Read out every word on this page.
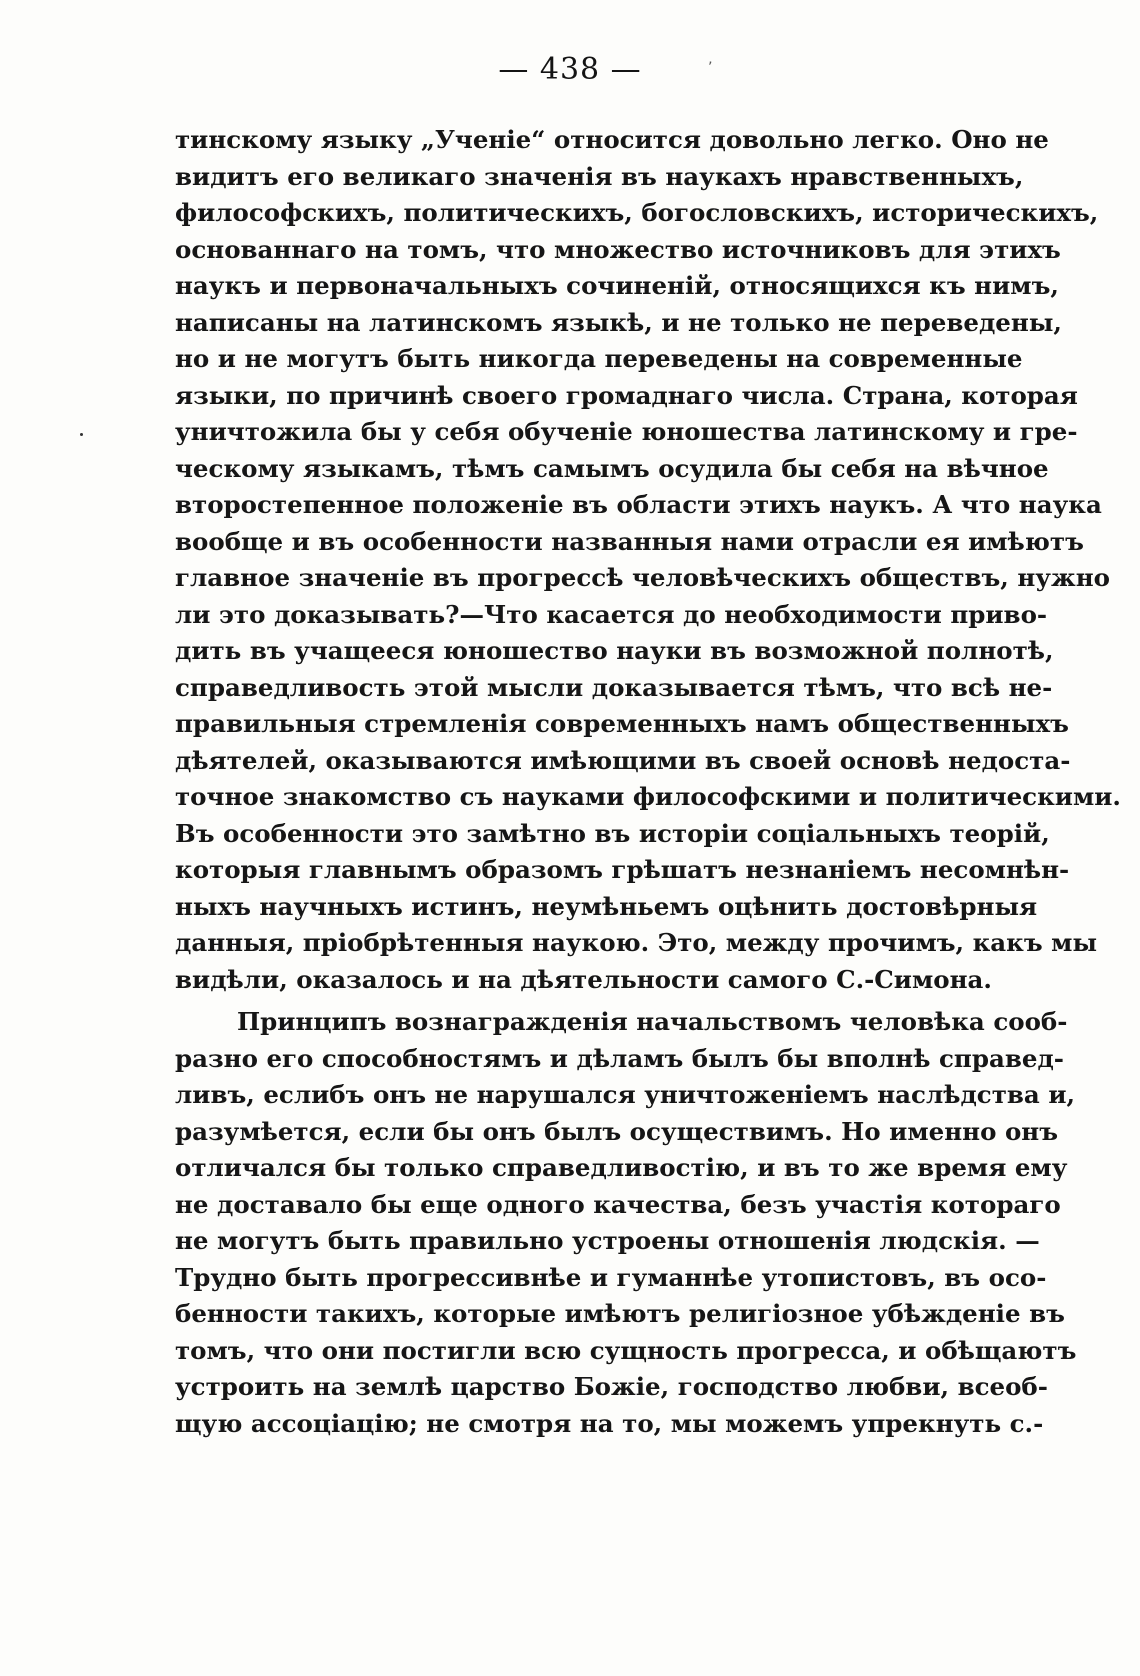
— 438 —	’
тинскому языку „Ученіе“ относится довольно легко. Оно не
видитъ его великаго значенія въ наукахъ нравственныхъ,
философскихъ, политическихъ, богословскихъ, историческихъ,
основаннаго на томъ, что множество источниковъ для этихъ
наукъ и первоначальныхъ сочиненій, относящихся къ нимъ,
написаны на латинскомъ языкѣ, и не только не переведены,
но и не могутъ быть никогда переведены на современные
языки, по причинѣ своего громаднаго числа. Страна, которая
уничтожила бы у себя обученіе юношества латинскому и гре-
ческому языкамъ, тѣмъ самымъ осудила бы себя на вѣчное
второстепенное положеніе въ области этихъ наукъ. А что наука
вообще и въ особенности названныя нами отрасли ея имѣютъ
главное значеніе въ прогрессѣ человѣческихъ обществъ, нужно
ли это доказывать?—Что касается до необходимости приво-
дить въ учащееся юношество науки въ возможной полнотѣ,
справедливость этой мысли доказывается тѣмъ, что всѣ не-
правильныя стремленія современныхъ намъ общественныхъ
дѣятелей, оказываются имѣющими въ своей основѣ недоста-
точное знакомство съ науками философскими и политическими.
Въ особенности это замѣтно въ исторіи соціальныхъ теорій,
которыя главнымъ образомъ грѣшатъ незнаніемъ несомнѣн-
ныхъ научныхъ истинъ, неумѣньемъ оцѣнить достовѣрныя
данныя, пріобрѣтенныя наукою. Это, между прочимъ, какъ мы
видѣли, оказалось и на дѣятельности самого С.-Симона.
Принципъ вознагражденія начальствомъ человѣка сооб-
разно его способностямъ и дѣламъ былъ бы вполнѣ справед-
ливъ, еслибъ онъ не нарушался уничтоженіемъ наслѣдства и,
разумѣется, если бы онъ былъ осуществимъ. Но именно онъ
отличался бы только справедливостію, и въ то же время ему
не доставало бы еще одного качества, безъ участія котораго
не могутъ быть правильно устроены отношенія людскія. —
Трудно быть прогрессивнѣе и гуманнѣе утопистовъ, въ осо-
бенности такихъ, которые имѣютъ религіозное убѣжденіе въ
томъ, что они постигли всю сущность прогресса, и обѣщаютъ
устроить на землѣ царство Божіе, господство любви, всеоб-
щую ассоціацію; не смотря на то, мы можемъ упрекнуть с.-
